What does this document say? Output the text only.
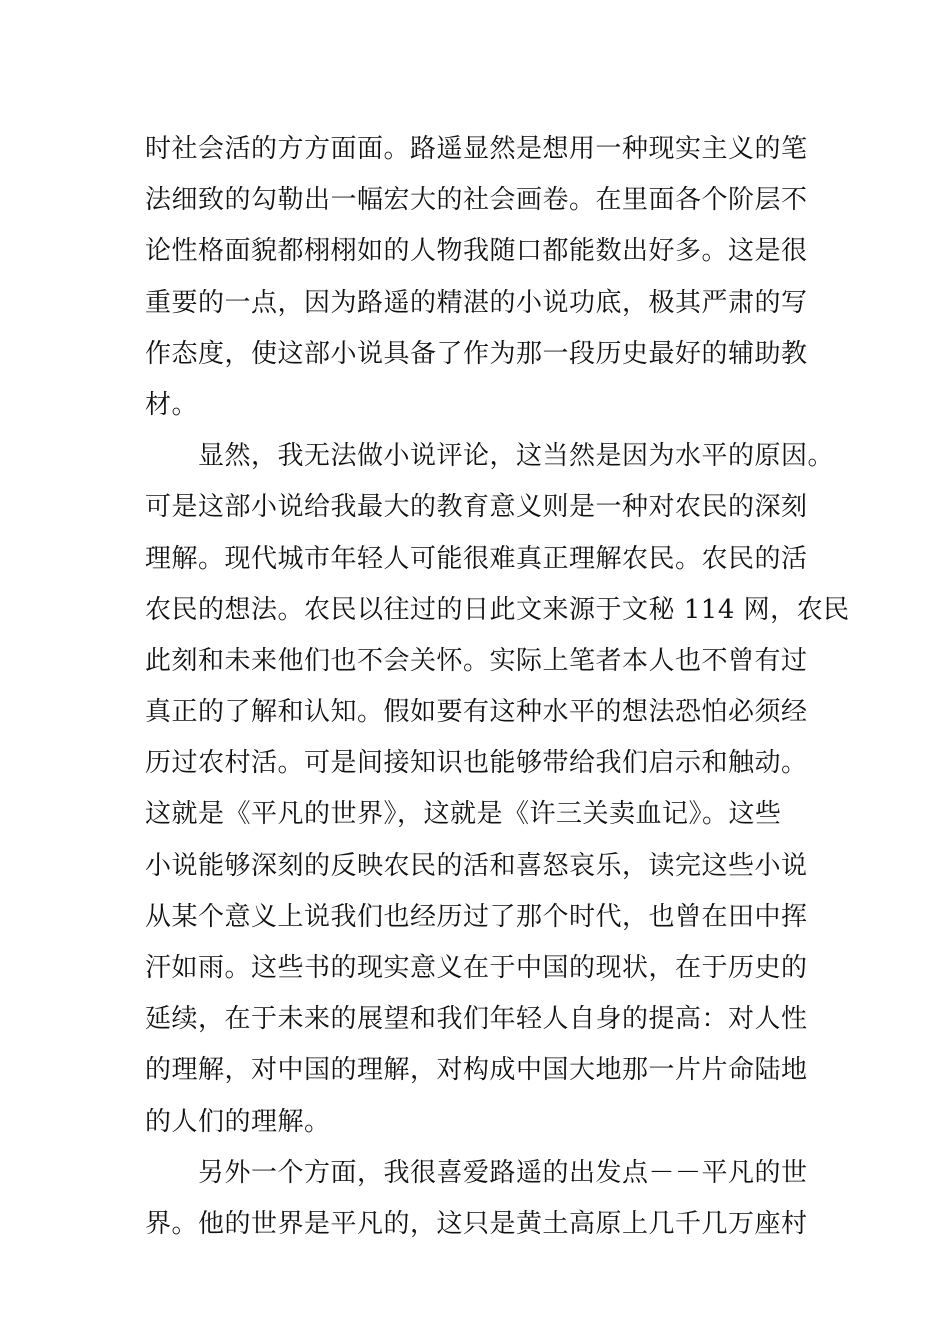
时社会活的方方面面。路遥显然是想用一种现实主义的笔
法细致的勾勒出一幅宏大的社会画卷。在里面各个阶层不
论性格面貌都栩栩如的人物我随口都能数出好多。这是很
重要的一点，因为路遥的精湛的小说功底，极其严肃的写
作态度，使这部小说具备了作为那一段历史最好的辅助教
材。
　　显然，我无法做小说评论，这当然是因为水平的原因。
可是这部小说给我最大的教育意义则是一种对农民的深刻
理解。现代城市年轻人可能很难真正理解农民。农民的活
农民的想法。农民以往过的日此文来源于文秘 114 网，农民
此刻和未来他们也不会关怀。实际上笔者本人也不曾有过
真正的了解和认知。假如要有这种水平的想法恐怕必须经
历过农村活。可是间接知识也能够带给我们启示和触动。
这就是《平凡的世界》，这就是《许三关卖血记》。这些
小说能够深刻的反映农民的活和喜怒哀乐，读完这些小说
从某个意义上说我们也经历过了那个时代，也曾在田中挥
汗如雨。这些书的现实意义在于中国的现状，在于历史的
延续，在于未来的展望和我们年轻人自身的提高：对人性
的理解，对中国的理解，对构成中国大地那一片片命陆地
的人们的理解。
　　另外一个方面，我很喜爱路遥的出发点－－平凡的世
界。他的世界是平凡的，这只是黄土高原上几千几万座村
